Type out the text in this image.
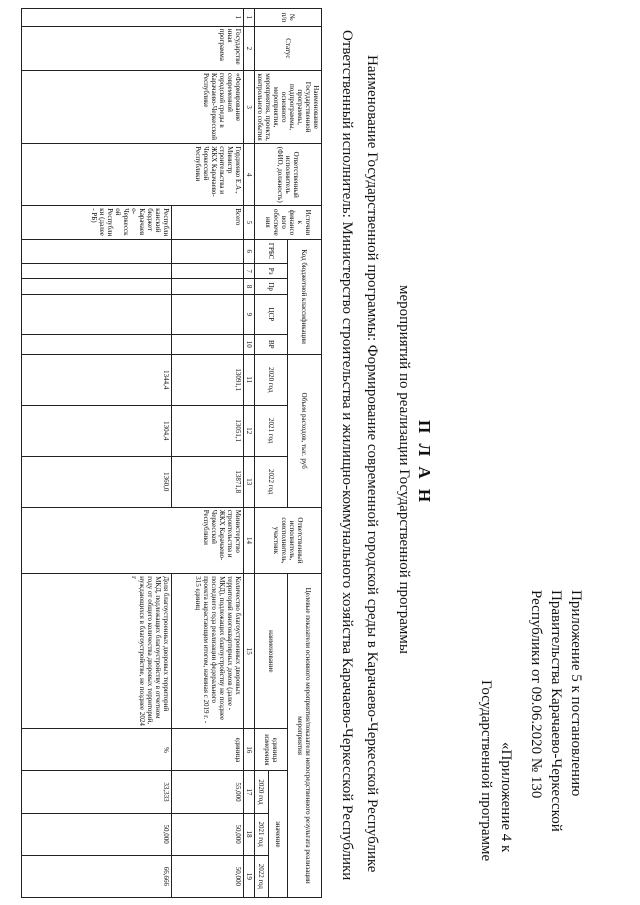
Приложение 5 к постановлению
Правительства Карачаево-Черкесской
Республики от 09.06.2020 № 130
«Приложение 4 к
Государственной программе
П Л А Н
мероприятий по реализации Государственной программы
Наименование Государственной программы: Формирование современной городской среды в Карачаево-Черкесской Республике
Ответственный исполнитель: Министерство строительства и жилищно-коммунального хозяйства Карачаево-Черкесской Республики
№ п/п	Статус	Наименование Государственной программы, подпрограммы, основного мероприятия, мероприятия, проекта, контрольного события	Ответственный исполнитель (ФИО, должность)	Источник финансового обеспечения	Код бюджетной классификации					Объем расходов, тыс. руб			Ответственный исполнитель, соисполнитель, участник	Целевые показатели основного мероприятия/показатели непосредственного результата реализации мероприятия				
					ГРБС	Рз	Пр	ЦСР	ВР	2020 год	2021 год	2022 год		наименование	единица измерения	значение		
																2020 год	2021 год	2022 год
1	2	3	4	5	6	7	8	9	10	11	12	13	14	15	16	17	18	19
1	Государственная программа	«Формирование современной городской среды в Карачаево-Черкесской Республике	Гордиенко Е.А., Министр строительства и ЖКХ Карачаево-Черкесской Республики	Всего						13091,1	13051,1	13871,8	Министерство строительства и ЖКХ Карачаево-Черкесской Республики	Количество благоустроенных дворовых территорий многоквартирных домов (далее - МКД), подлежащих благоустройству не позднее последнего года реализации федерального проекта нарастающим итогом, начиная с 2019 г. - 315 единиц	единица	55,000	50,000	50,000
				Республиканский бюджет Карачаево-Черкесской Республики (далее - РБ)						1344,4	1304,4	1360,0		Доля благоустроенных дворовых территорий МКД, подлежащих благоустройству в отчетном году от общего количества дворовых территорий, нуждающихся в благоустройстве, не позднее 2024 г	%	33,333	50,000	66,666
